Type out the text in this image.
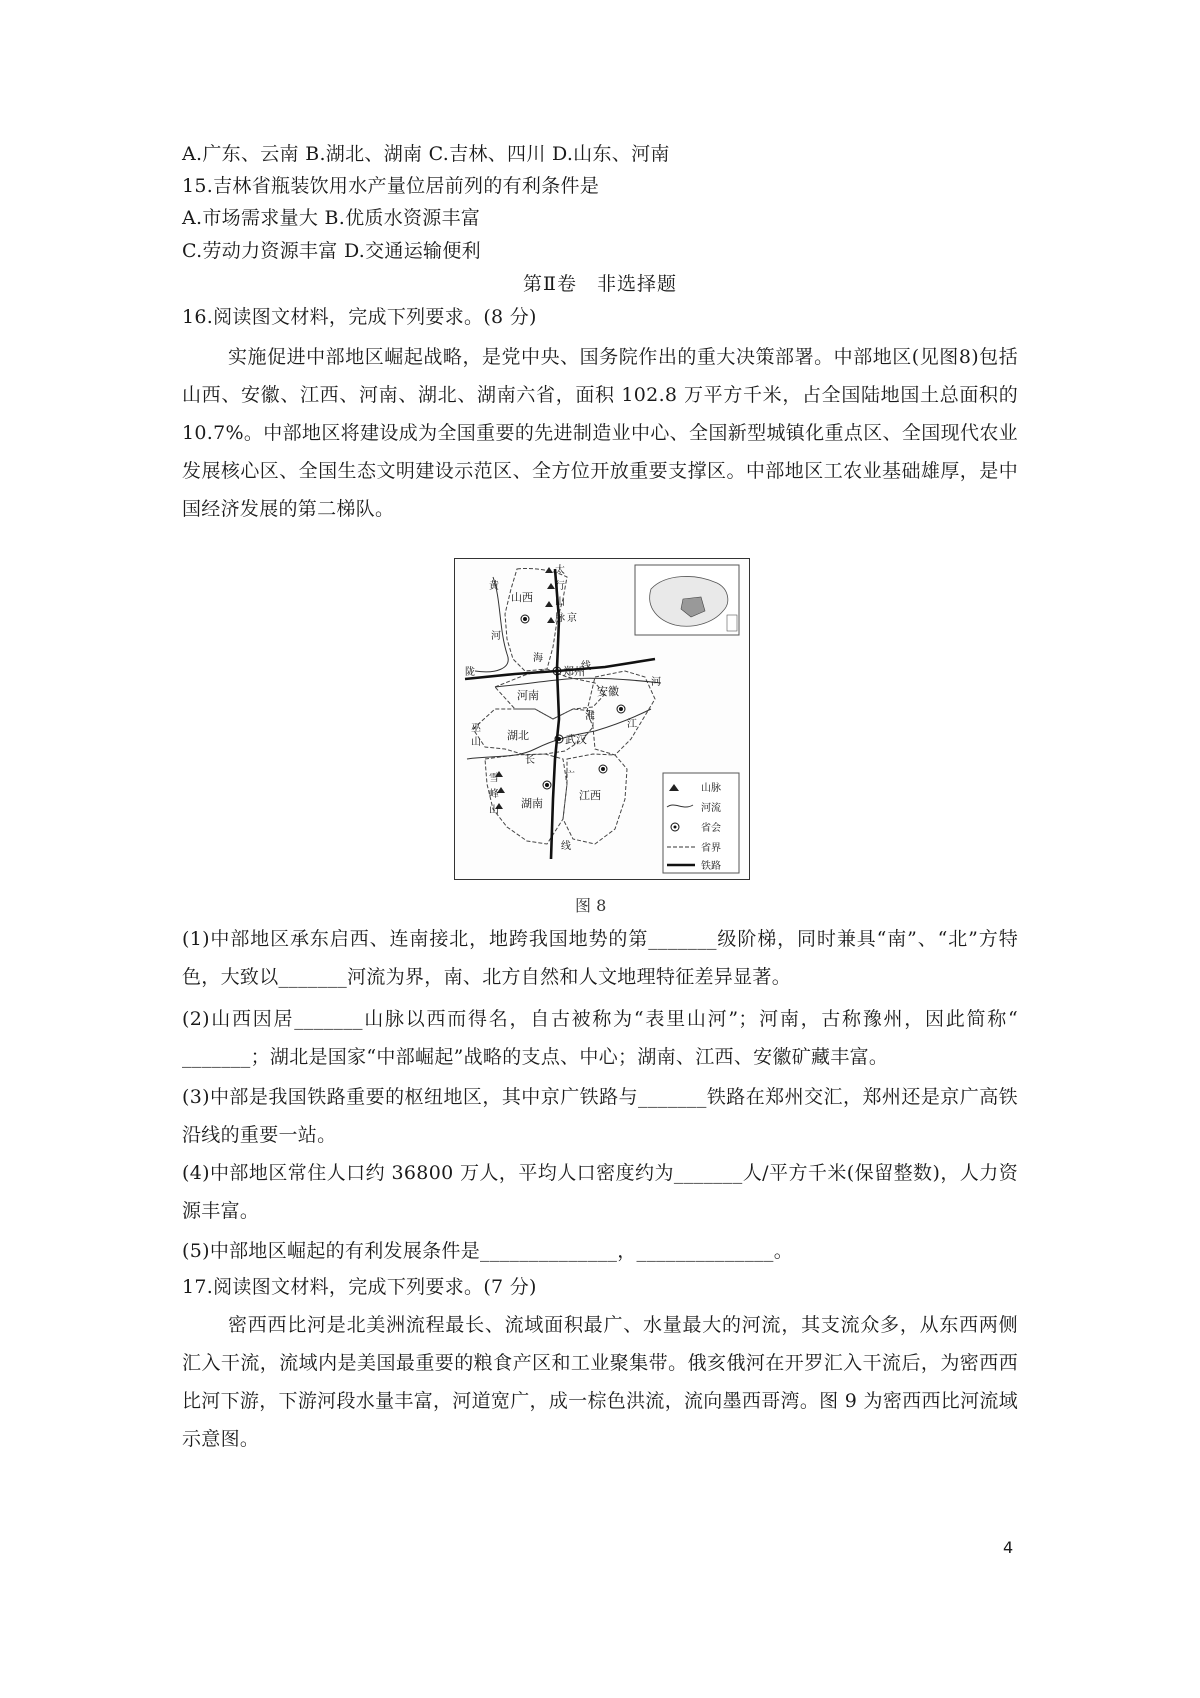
A.广东、云南 B.湖北、湖南 C.吉林、四川 D.山东、河南
15.吉林省瓶装饮用水产量位居前列的有利条件是
A.市场需求量大 B.优质水资源丰富
C.劳动力资源丰富 D.交通运输便利
第Ⅱ卷　非选择题
16.阅读图文材料，完成下列要求。(8 分)
实施促进中部地区崛起战略，是党中央、国务院作出的重大决策部署。中部地区(见图8)包括山西、安徽、江西、河南、湖北、湖南六省，面积 102.8 万平方千米，占全国陆地国土总面积的 10.7%。中部地区将建设成为全国重要的先进制造业中心、全国新型城镇化重点区、全国现代农业发展核心区、全国生态文明建设示范区、全方位开放重要支撑区。中部地区工农业基础雄厚，是中国经济发展的第二梯队。
山西
河南	安徽
湖北
湖南
江西
郑州
武汉
太
行
山
脉
雪
峰
山
巫
山
黄
河
淮
河
长
江
陇
海
线
京
广
线
山脉
河流
省会
省界
铁路
图 8
(1)中部地区承东启西、连南接北，地跨我国地势的第_______级阶梯，同时兼具“南”、“北”方特色，大致以_______河流为界，南、北方自然和人文地理特征差异显著。
(2)山西因居_______山脉以西而得名，自古被称为“表里山河”；河南，古称豫州，因此简称“ _______；湖北是国家“中部崛起”战略的支点、中心；湖南、江西、安徽矿藏丰富。
(3)中部是我国铁路重要的枢纽地区，其中京广铁路与_______铁路在郑州交汇，郑州还是京广高铁沿线的重要一站。
(4)中部地区常住人口约 36800 万人，平均人口密度约为_______人/平方千米(保留整数)，人力资源丰富。
(5)中部地区崛起的有利发展条件是______________，______________。
17.阅读图文材料，完成下列要求。(7 分)
密西西比河是北美洲流程最长、流域面积最广、水量最大的河流，其支流众多，从东西两侧汇入干流，流域内是美国最重要的粮食产区和工业聚集带。俄亥俄河在开罗汇入干流后，为密西西比河下游，下游河段水量丰富，河道宽广，成一棕色洪流，流向墨西哥湾。图 9 为密西西比河流域示意图。
4
